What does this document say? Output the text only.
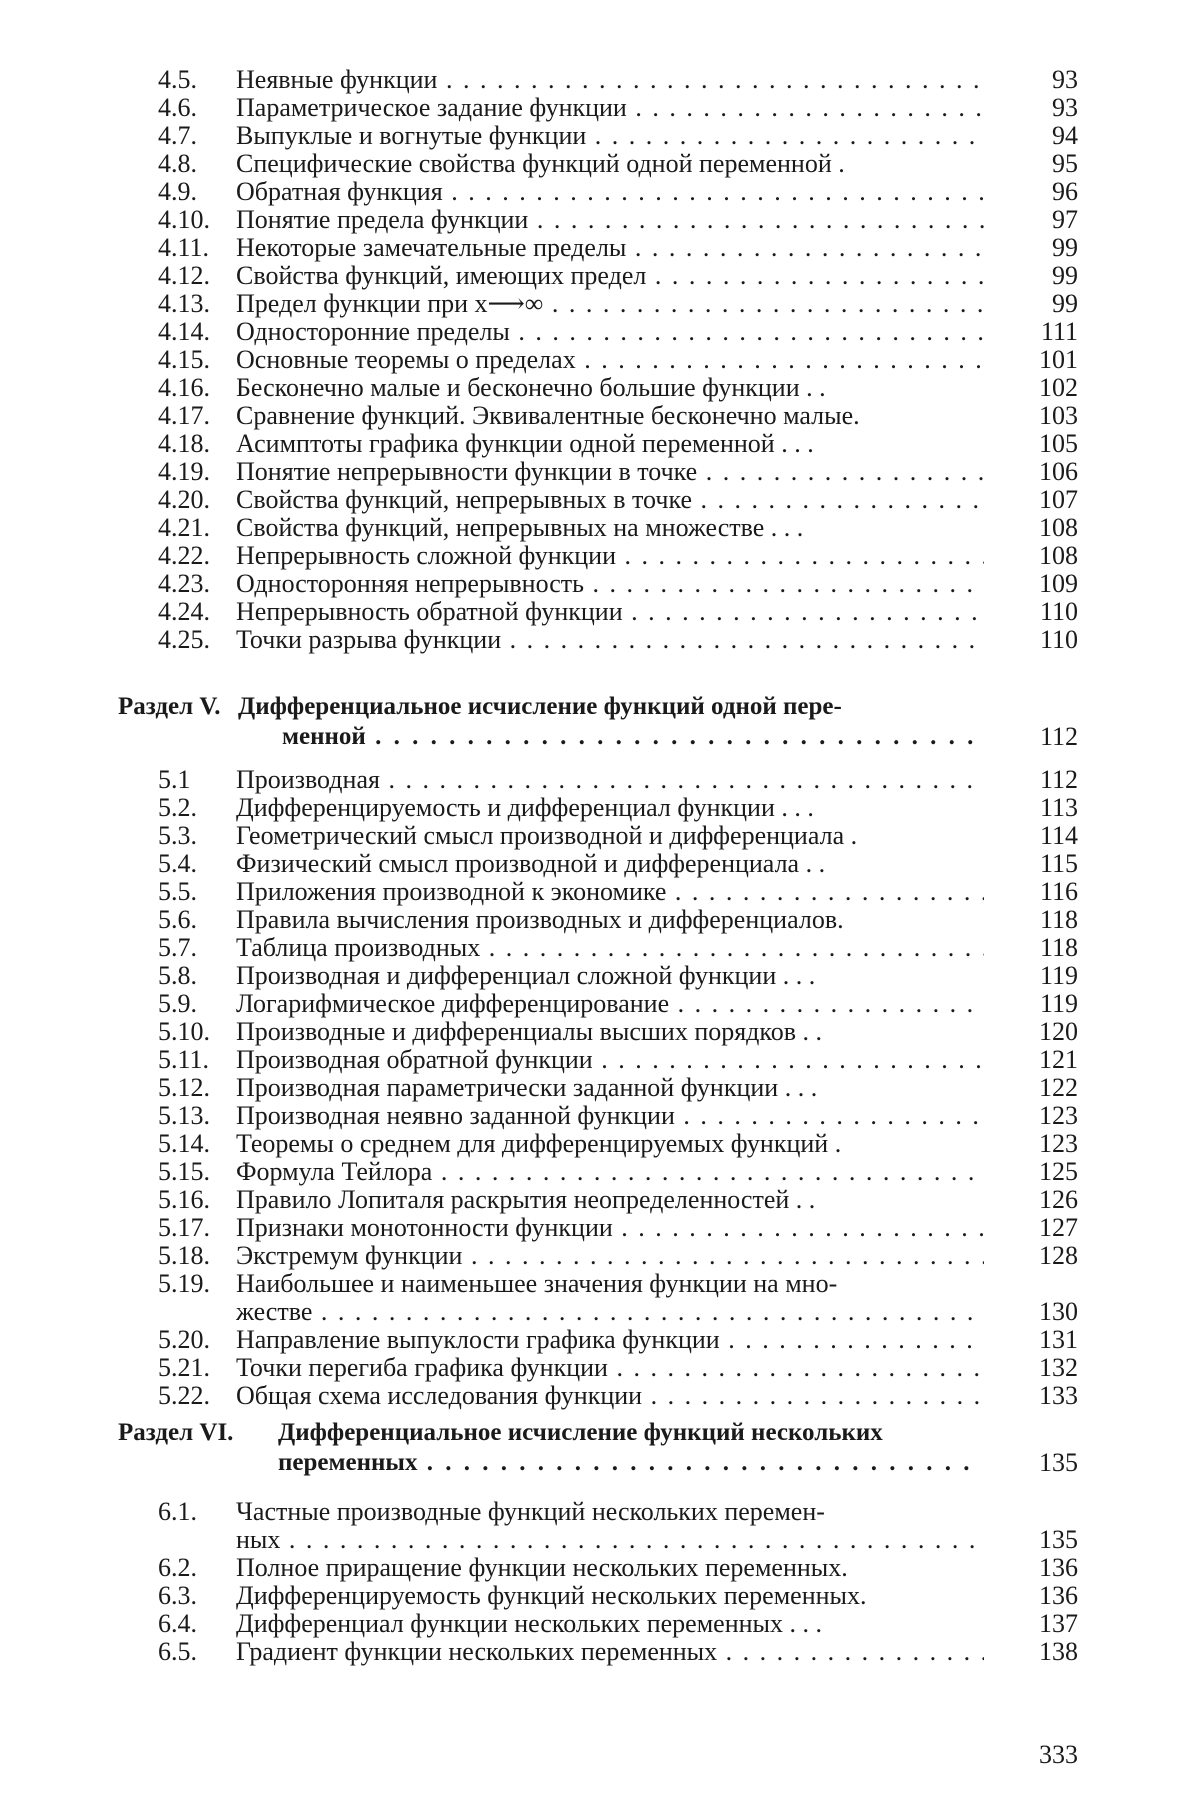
4.5. Неявные функции . . .	93
4.6. Параметрическое задание функции . . .	93
4.7. Выпуклые и вогнутые функции . . .	94
4.8. Специфические свойства функций одной переменной .	95
4.9. Обратная функция . . .	96
4.10. Понятие предела функции . . .	97
4.11. Некоторые замечательные пределы . . .	99
4.12. Свойства функций, имеющих предел . . .	99
4.13. Предел функции при x⟶∞ . . .	99
4.14. Односторонние пределы . . .	111
4.15. Основные теоремы о пределах . . .	101
4.16. Бесконечно малые и бесконечно большие функции . .	102
4.17. Сравнение функций. Эквивалентные бесконечно малые.	103
4.18. Асимптоты графика функции одной переменной . . .	105
4.19. Понятие непрерывности функции в точке . . .	106
4.20. Свойства функций, непрерывных в точке . . .	107
4.21. Свойства функций, непрерывных на множестве . . .	108
4.22. Непрерывность сложной функции . . .	108
4.23. Односторонняя непрерывность . . .	109
4.24. Непрерывность обратной функции . . .	110
4.25. Точки разрыва функции . . .	110
Раздел V. Дифференциальное исчисление функций одной пере-
менной . . .	112
5.1 Производная . . .	112
5.2. Дифференцируемость и дифференциал функции . . .	113
5.3. Геометрический смысл производной и дифференциала .	114
5.4. Физический смысл производной и дифференциала . .	115
5.5. Приложения производной к экономике . . .	116
5.6. Правила вычисления производных и дифференциалов.	118
5.7. Таблица производных . . .	118
5.8. Производная и дифференциал сложной функции . . .	119
5.9. Логарифмическое дифференцирование . . .	119
5.10. Производные и дифференциалы высших порядков . .	120
5.11. Производная обратной функции . . .	121
5.12. Производная параметрически заданной функции . . .	122
5.13. Производная неявно заданной функции . . .	123
5.14. Теоремы о среднем для дифференцируемых функций .	123
5.15. Формула Тейлора . . .	125
5.16. Правило Лопиталя раскрытия неопределенностей . .	126
5.17. Признаки монотонности функции . . .	127
5.18. Экстремум функции . . .	128
5.19. Наибольшее и наименьшее значения функции на мно-
жестве . . .	130
5.20. Направление выпуклости графика функции . . .	131
5.21. Точки перегиба графика функции . . .	132
5.22. Общая схема исследования функции . . .	133
Раздел VI. Дифференциальное исчисление функций нескольких
переменных . . .	135
6.1. Частные производные функций нескольких перемен-
ных . . .	135
6.2. Полное приращение функции нескольких переменных.	136
6.3. Дифференцируемость функций нескольких переменных.	136
6.4. Дифференциал функции нескольких переменных . . .	137
6.5. Градиент функции нескольких переменных . . .	138
333
